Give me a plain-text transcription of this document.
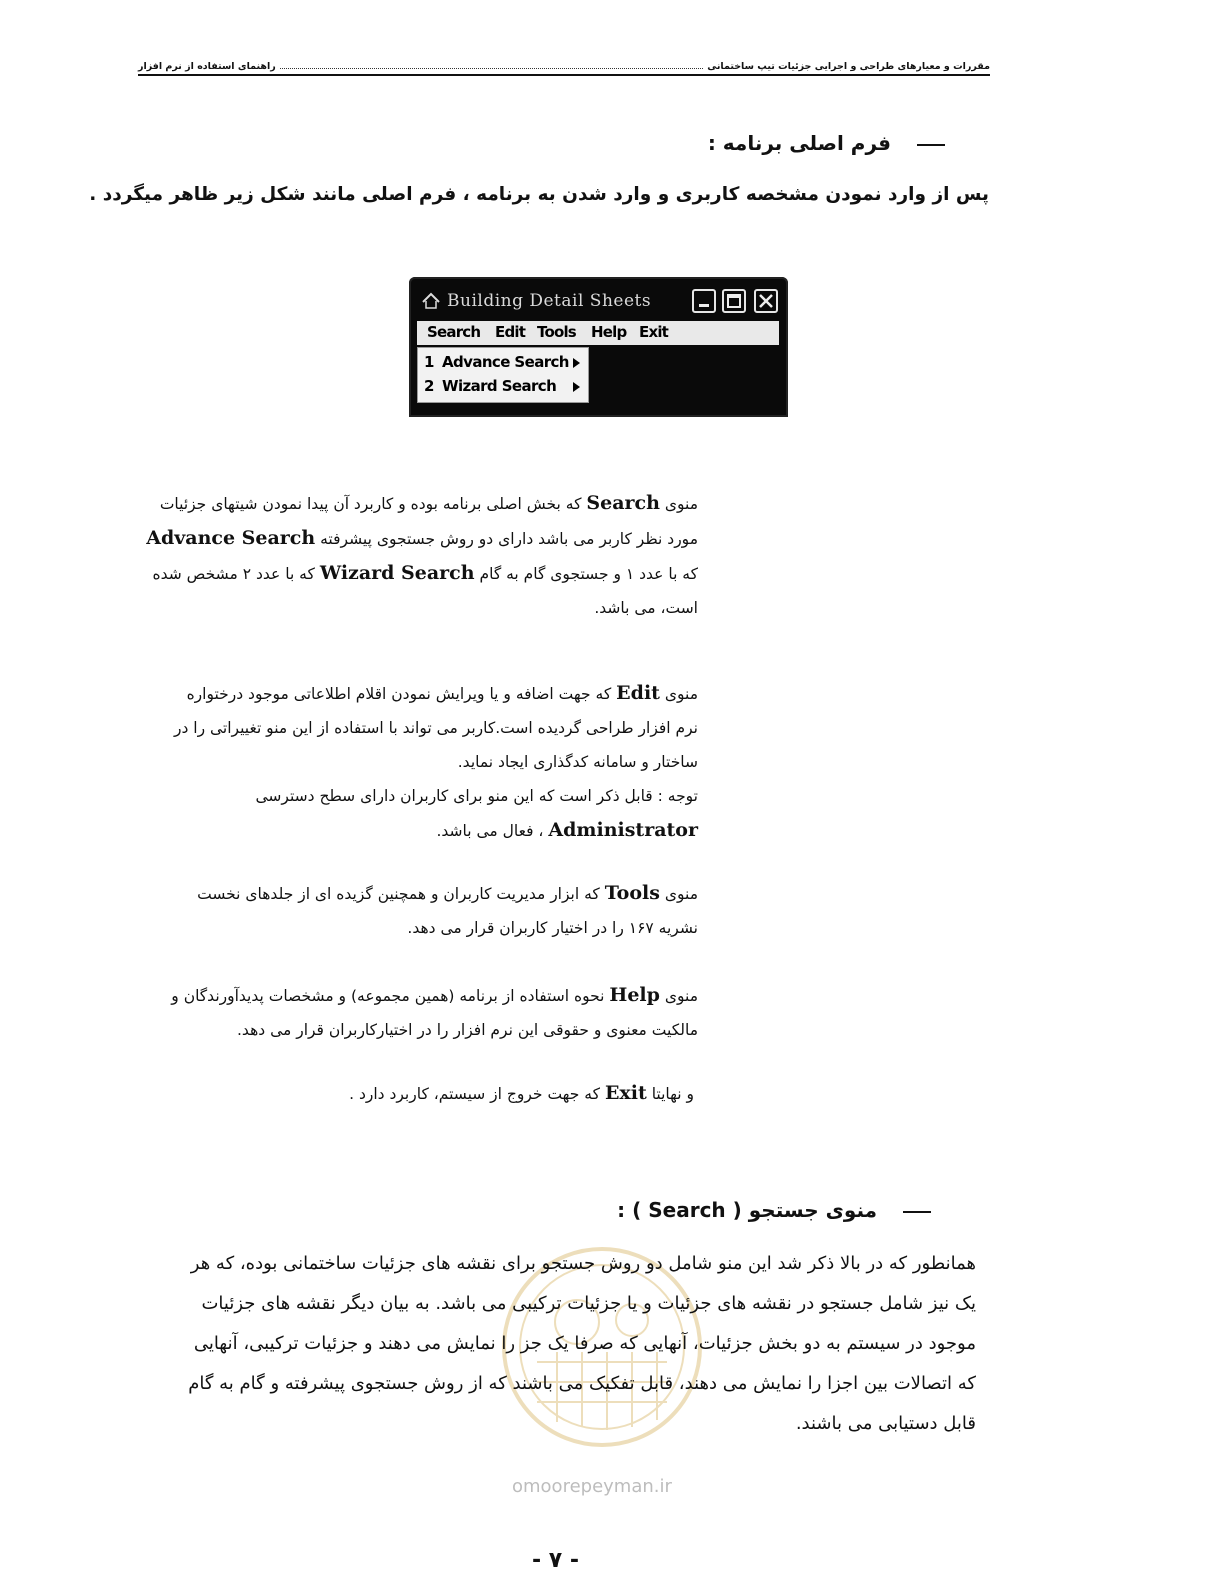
مقررات و معیارهای طراحی و اجرایی جزئیات تیپ ساختمانی
راهنمای استفاده از نرم افزار
فرم اصلی برنامه :
پس از وارد نمودن مشخصه کاربری و وارد شدن به برنامه ، فرم اصلی مانند شکل زیر ظاهر میگردد .
Building Detail Sheets
Search Edit Tools Help Exit
1 Advance Search
2 Wizard Search
منوی Search که بخش اصلی برنامه بوده و کاربرد آن پیدا نمودن شیتهای جزئیات
مورد نظر کاربر می باشد دارای دو روش جستجوی پیشرفته Advance Search
که با عدد ۱ و جستجوی گام به گام Wizard Search که با عدد ۲ مشخص شده
است، می باشد.
منوی Edit که جهت اضافه و یا ویرایش نمودن اقلام اطلاعاتی موجود درختواره
نرم افزار طراحی گردیده است.کاربر می تواند با استفاده از این منو تغییراتی را در
ساختار و سامانه کدگذاری ایجاد نماید.
توجه : قابل ذکر است که این منو برای کاربران دارای سطح دسترسی
Administrator ، فعال می باشد.
منوی Tools که ابزار مدیریت کاربران و همچنین گزیده ای از جلدهای نخست
نشریه ۱۶۷ را در اختیار کاربران قرار می دهد.
منوی Help نحوه استفاده از برنامه (همین مجموعه) و مشخصات پدیدآورندگان و
مالکیت معنوی و حقوقی این نرم افزار را در اختیارکاربران قرار می دهد.
و نهایتا Exit که جهت خروج از سیستم، کاربرد دارد .
منوی جستجو ( Search ) :
omoorepeyman.ir
همانطور که در بالا ذکر شد این منو شامل دو روش جستجو برای نقشه های جزئیات ساختمانی بوده، که هر
یک نیز شامل جستجو در نقشه های جزئیات و یا جزئیات ترکیبی می باشد. به بیان دیگر نقشه های جزئیات
موجود در سیستم به دو بخش جزئیات، آنهایی که صرفا یک جز را نمایش می دهند و جزئیات ترکیبی، آنهایی
که اتصالات بین اجزا را نمایش می دهند، قابل تفکیک می باشند که از روش جستجوی پیشرفته و گام به گام
قابل دستیابی می باشند.
- ۷ -
